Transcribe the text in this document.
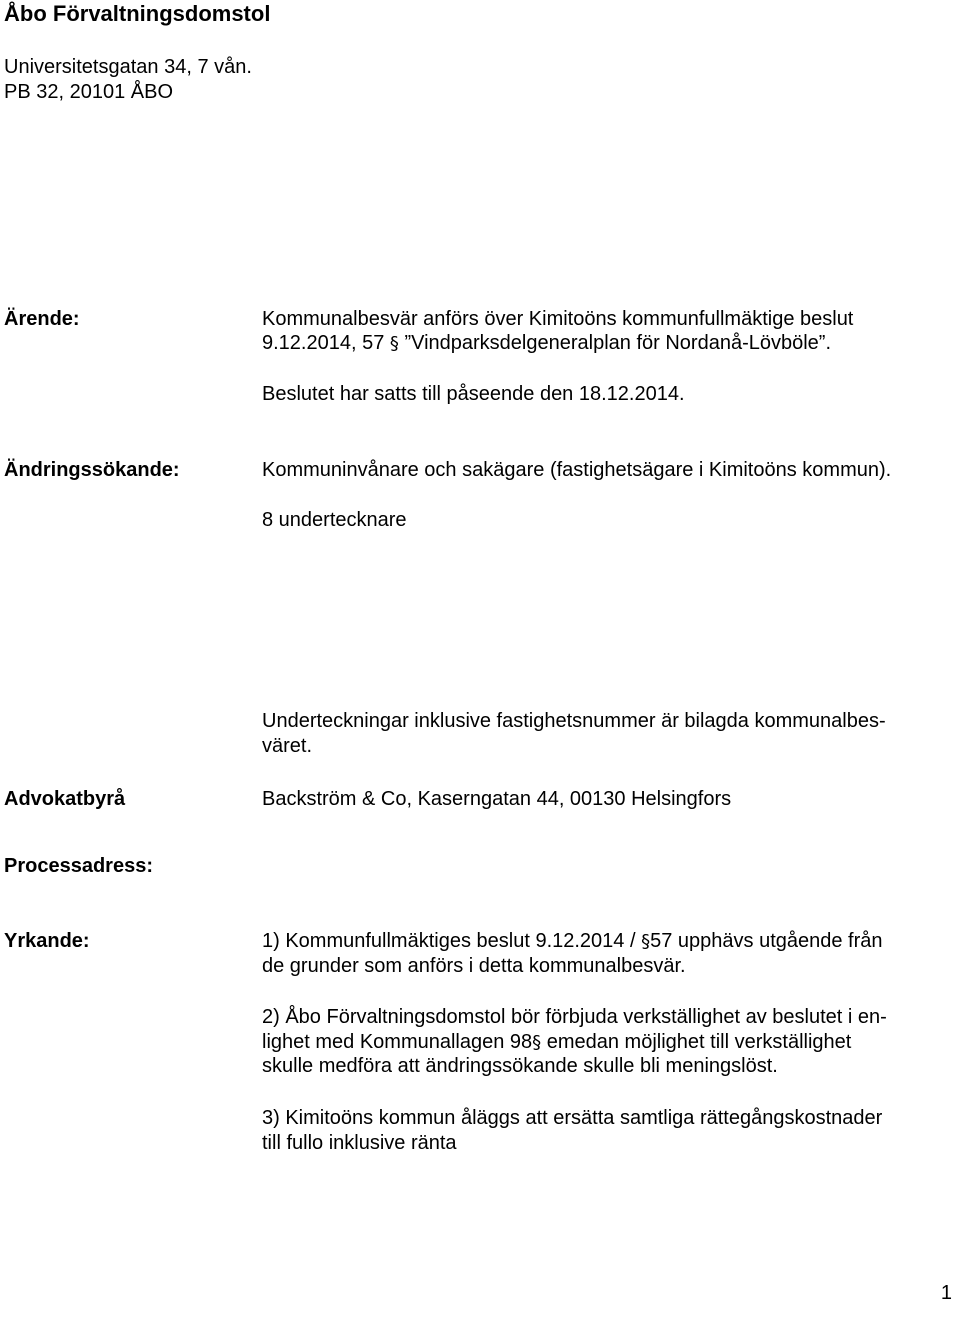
Åbo Förvaltningsdomstol
Universitetsgatan 34, 7 vån.
PB 32, 20101 ÅBO
Ärende:	Kommunalbesvär anförs över Kimitoöns kommunfullmäktige beslut
9.12.2014, 57 § ”Vindparksdelgeneralplan för Nordanå-Lövböle”.
Beslutet har satts till påseende den 18.12.2014.
Ändringssökande:	Kommuninvånare och sakägare (fastighetsägare i Kimitoöns kommun).
8 undertecknare
Underteckningar inklusive fastighetsnummer är bilagda kommunalbes-
väret.
Advokatbyrå	Backström & Co, Kaserngatan 44, 00130 Helsingfors
Processadress:
Yrkande:	1) Kommunfullmäktiges beslut 9.12.2014 / §57 upphävs utgående från
de grunder som anförs i detta kommunalbesvär.
2) Åbo Förvaltningsdomstol bör förbjuda verkställighet av beslutet i en-
lighet med Kommunallagen 98§ emedan möjlighet till verkställighet
skulle medföra att ändringssökande skulle bli meningslöst.
3) Kimitoöns kommun åläggs att ersätta samtliga rättegångskostnader
till fullo inklusive ränta
1
